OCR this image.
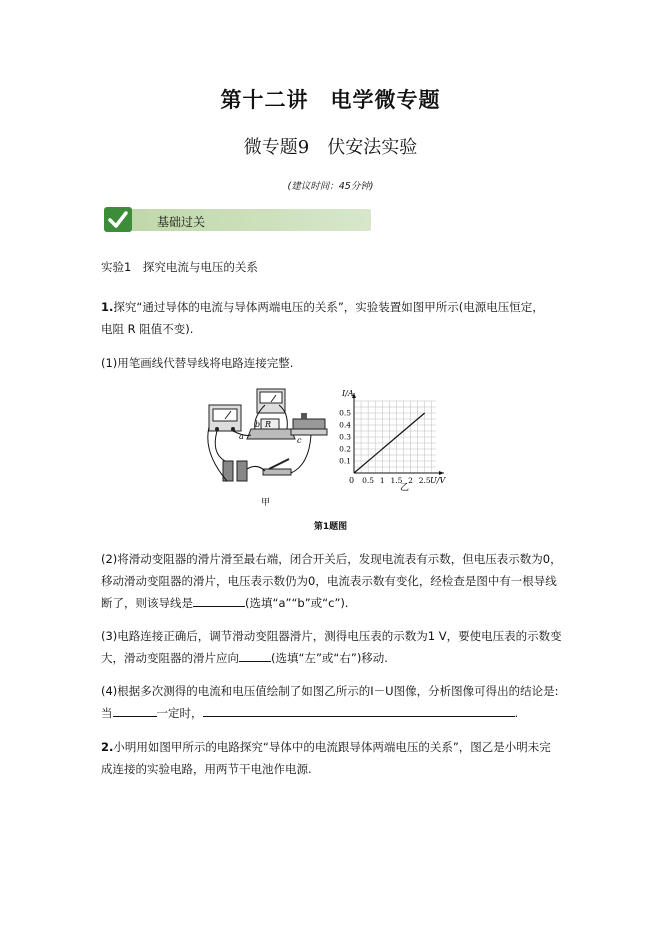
第十二讲　电学微专题
微专题9　伏安法实验
(建议时间：45分钟)
基础过关
实验1　探究电流与电压的关系
1.探究“通过导体的电流与导体两端电压的关系”，实验装置如图甲所示(电源电压恒定，
电阻 R 阻值不变).
(1)用笔画线代替导线将电路连接完整.
a
b R
c
甲
0.5 1 1.5 2 2.5
0.1
0.2
0.3
0.4
0.5
I/A
U/V
0
乙
第1题图
(2)将滑动变阻器的滑片滑至最右端，闭合开关后，发现电流表有示数，但电压表示数为0，
移动滑动变阻器的滑片，电压表示数仍为0，电流表示数有变化，经检查是图中有一根导线
断了，则该导线是	(选填“a”“b”或“c”).
(3)电路连接正确后，调节滑动变阻器滑片，测得电压表的示数为1 V，要使电压表的示数变
大，滑动变阻器的滑片应向	(选填“左”或“右”)移动.
(4)根据多次测得的电流和电压值绘制了如图乙所示的I－U图像，分析图像可得出的结论是:
当	一定时，	.
2.小明用如图甲所示的电路探究“导体中的电流跟导体两端电压的关系”，图乙是小明未完
成连接的实验电路，用两节干电池作电源.
